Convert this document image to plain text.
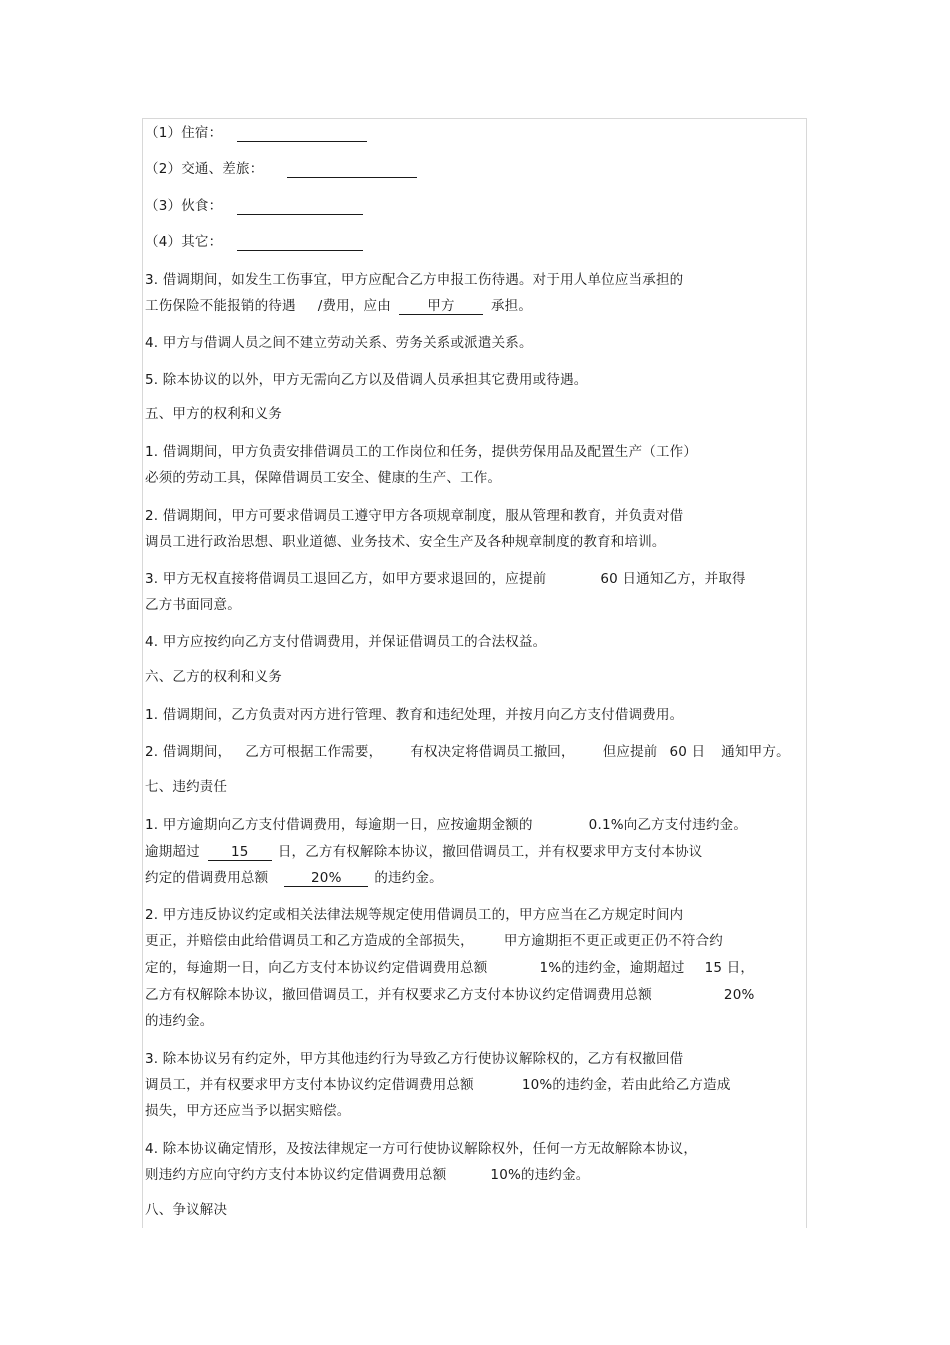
（1）住宿：
（2）交通、差旅：
（3）伙食：
（4）其它：
3. 借调期间，如发生工伤事宜，甲方应配合乙方申报工伤待遇。对于用人单位应当承担的
工伤保险不能报销的待遇 /费用，应由	甲方	承担。
4. 甲方与借调人员之间不建立劳动关系、劳务关系或派遣关系。
5. 除本协议的以外，甲方无需向乙方以及借调人员承担其它费用或待遇。
五、甲方的权利和义务
1. 借调期间，甲方负责安排借调员工的工作岗位和任务，提供劳保用品及配置生产（工作）
必须的劳动工具，保障借调员工安全、健康的生产、工作。
2. 借调期间，甲方可要求借调员工遵守甲方各项规章制度，服从管理和教育，并负责对借
调员工进行政治思想、职业道德、业务技术、安全生产及各种规章制度的教育和培训。
3. 甲方无权直接将借调员工退回乙方，如甲方要求退回的，应提前	60 日通知乙方，并取得
乙方书面同意。
4. 甲方应按约向乙方支付借调费用，并保证借调员工的合法权益。
六、乙方的权利和义务
1. 借调期间，乙方负责对丙方进行管理、教育和违纪处理，并按月向乙方支付借调费用。
2. 借调期间， 乙方可根据工作需要， 有权决定将借调员工撤回， 但应提前 60 日 通知甲方。
七、违约责任
1. 甲方逾期向乙方支付借调费用，每逾期一日，应按逾期金额的	0.1%向乙方支付违约金。
逾期超过 15 日，乙方有权解除本协议，撤回借调员工，并有权要求甲方支付本协议
约定的借调费用总额	20% 的违约金。
2. 甲方违反协议约定或相关法律法规等规定使用借调员工的，甲方应当在乙方规定时间内
更正，并赔偿由此给借调员工和乙方造成的全部损失， 甲方逾期拒不更正或更正仍不符合约
定的，每逾期一日，向乙方支付本协议约定借调费用总额	1%的违约金，逾期超过 15 日，
乙方有权解除本协议，撤回借调员工，并有权要求乙方支付本协议约定借调费用总额	20%
的违约金。
3. 除本协议另有约定外，甲方其他违约行为导致乙方行使协议解除权的，乙方有权撤回借
调员工，并有权要求甲方支付本协议约定借调费用总额	10%的违约金，若由此给乙方造成
损失，甲方还应当予以据实赔偿。
4. 除本协议确定情形，及按法律规定一方可行使协议解除权外，任何一方无故解除本协议，
则违约方应向守约方支付本协议约定借调费用总额	10%的违约金。
八、争议解决
